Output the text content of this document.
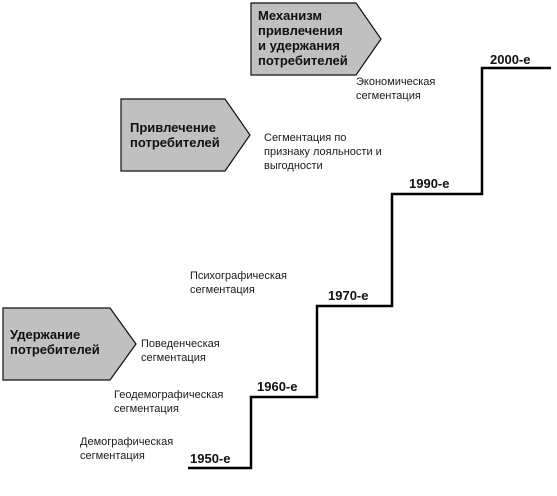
Механизм
привлечения
и удержания
потребителей
Привлечение
потребителей
Удержание
потребителей
Экономическая
сегментация
Сегментация по
признаку лояльности и
выгодности
Психографическая
сегментация
Поведенческая
сегментация
Геодемографическая
сегментация
Демографическая
сегментация
2000-е
1990-е
1970-е
1960-е
1950-е
